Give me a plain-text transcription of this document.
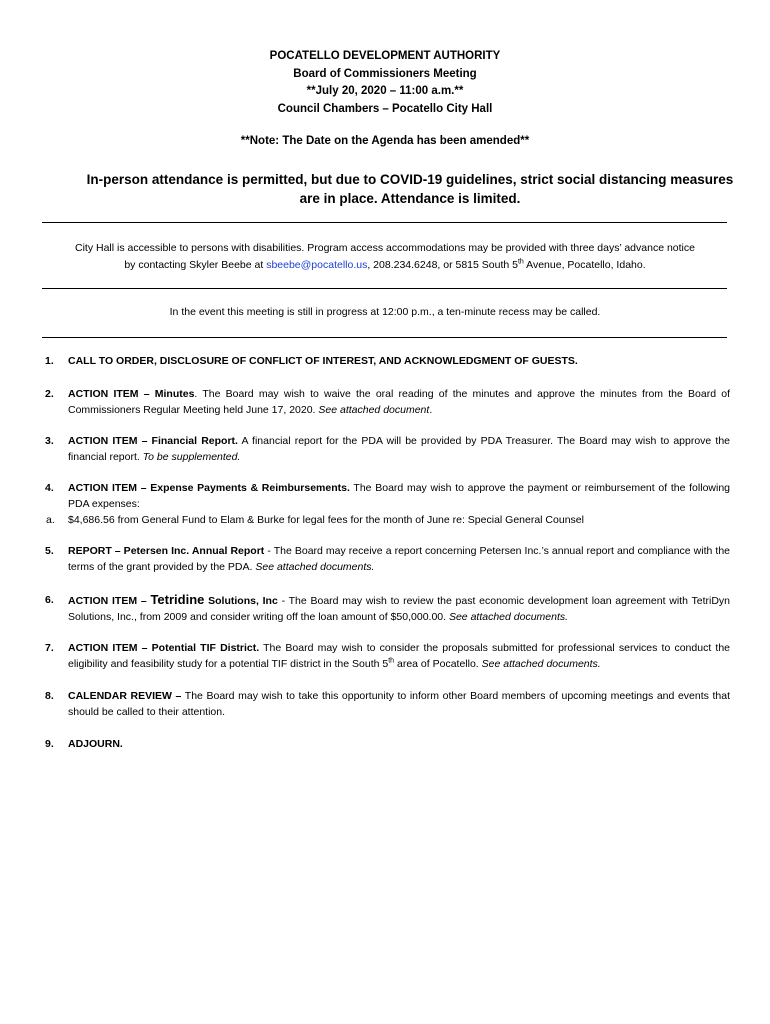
POCATELLO DEVELOPMENT AUTHORITY
Board of Commissioners Meeting
**July 20, 2020 – 11:00 a.m.**
Council Chambers – Pocatello City Hall
**Note: The Date on the Agenda has been amended**
In-person attendance is permitted, but due to COVID-19 guidelines, strict social distancing measures
are in place. Attendance is limited.
City Hall is accessible to persons with disabilities. Program access accommodations may be provided with three days’ advance notice
by contacting Skyler Beebe at sbeebe@pocatello.us, 208.234.6248, or 5815 South 5th Avenue, Pocatello, Idaho.
In the event this meeting is still in progress at 12:00 p.m., a ten-minute recess may be called.
1. CALL TO ORDER, DISCLOSURE OF CONFLICT OF INTEREST, AND ACKNOWLEDGMENT OF GUESTS.
2. ACTION ITEM – Minutes. The Board may wish to waive the oral reading of the minutes and approve the minutes from the Board of Commissioners Regular Meeting held June 17, 2020. See attached document.
3. ACTION ITEM – Financial Report. A financial report for the PDA will be provided by PDA Treasurer. The Board may wish to approve the financial report. To be supplemented.
4. ACTION ITEM – Expense Payments & Reimbursements. The Board may wish to approve the payment or reimbursement of the following PDA expenses:
a. $4,686.56 from General Fund to Elam & Burke for legal fees for the month of June re: Special General Counsel
5. REPORT – Petersen Inc. Annual Report - The Board may receive a report concerning Petersen Inc.’s annual report and compliance with the terms of the grant provided by the PDA. See attached documents.
6. ACTION ITEM – Tetridine Solutions, Inc - The Board may wish to review the past economic development loan agreement with TetriDyn Solutions, Inc., from 2009 and consider writing off the loan amount of $50,000.00. See attached documents.
7. ACTION ITEM – Potential TIF District. The Board may wish to consider the proposals submitted for professional services to conduct the eligibility and feasibility study for a potential TIF district in the South 5th area of Pocatello. See attached documents.
8. CALENDAR REVIEW – The Board may wish to take this opportunity to inform other Board members of upcoming meetings and events that should be called to their attention.
9. ADJOURN.
